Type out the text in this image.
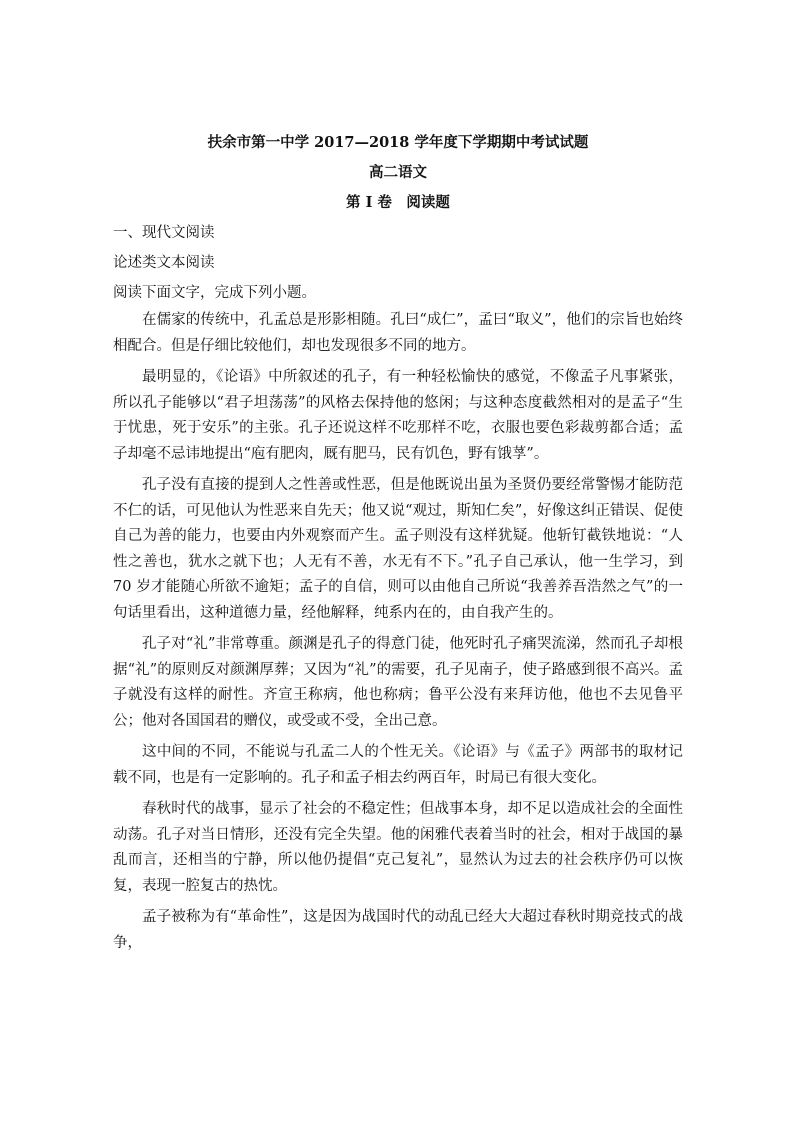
扶余市第一中学 2017—2018 学年度下学期期中考试试题

高二语文

第 I 卷　阅读题

一、现代文阅读

论述类文本阅读

阅读下面文字，完成下列小题。

在儒家的传统中，孔孟总是形影相随。孔曰“成仁”，孟曰“取义”，他们的宗旨也始终相配合。但是仔细比较他们，却也发现很多不同的地方。

最明显的，《论语》中所叙述的孔子，有一种轻松愉快的感觉，不像孟子凡事紧张，所以孔子能够以“君子坦荡荡”的风格去保持他的悠闲；与这种态度截然相对的是孟子“生于忧患，死于安乐”的主张。孔子还说这样不吃那样不吃，衣服也要色彩裁剪都合适；孟子却毫不忌讳地提出“庖有肥肉，厩有肥马，民有饥色，野有饿莩”。

孔子没有直接的提到人之性善或性恶，但是他既说出虽为圣贤仍要经常警惕才能防范不仁的话，可见他认为性恶来自先天；他又说“观过，斯知仁矣”，好像这纠正错误、促使自己为善的能力，也要由内外观察而产生。孟子则没有这样犹疑。他斩钉截铁地说：“人性之善也，犹水之就下也；人无有不善，水无有不下。”孔子自己承认，他一生学习，到 70 岁才能随心所欲不逾矩；孟子的自信，则可以由他自己所说“我善养吾浩然之气”的一句话里看出，这种道德力量，经他解释，纯系内在的，由自我产生的。

孔子对“礼”非常尊重。颜渊是孔子的得意门徒，他死时孔子痛哭流涕，然而孔子却根据“礼”的原则反对颜渊厚葬；又因为“礼”的需要，孔子见南子，使子路感到很不高兴。孟子就没有这样的耐性。齐宣王称病，他也称病；鲁平公没有来拜访他，他也不去见鲁平公；他对各国国君的赠仪，或受或不受，全出己意。

这中间的不同，不能说与孔孟二人的个性无关。《论语》与《孟子》两部书的取材记载不同，也是有一定影响的。孔子和孟子相去约两百年，时局已有很大变化。

春秋时代的战事，显示了社会的不稳定性；但战事本身，却不足以造成社会的全面性动荡。孔子对当日情形，还没有完全失望。他的闲雅代表着当时的社会，相对于战国的暴乱而言，还相当的宁静，所以他仍提倡“克己复礼”，显然认为过去的社会秩序仍可以恢复，表现一腔复古的热忱。

孟子被称为有“革命性”，这是因为战国时代的动乱已经大大超过春秋时期竞技式的战争，
